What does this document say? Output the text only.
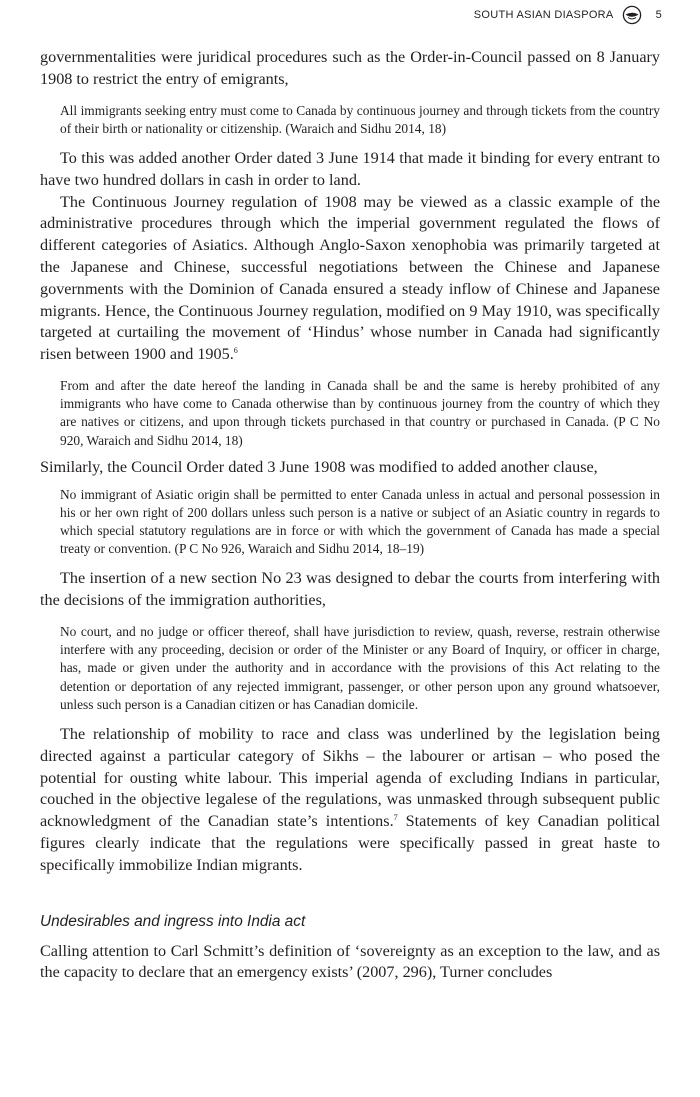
SOUTH ASIAN DIASPORA	5

governmentalities were juridical procedures such as the Order-in-Council passed on 8 January 1908 to restrict the entry of emigrants,

All immigrants seeking entry must come to Canada by continuous journey and through tickets from the country of their birth or nationality or citizenship. (Waraich and Sidhu 2014, 18)

To this was added another Order dated 3 June 1914 that made it binding for every entrant to have two hundred dollars in cash in order to land.

The Continuous Journey regulation of 1908 may be viewed as a classic example of the administrative procedures through which the imperial government regulated the flows of different categories of Asiatics. Although Anglo-Saxon xenophobia was primarily targeted at the Japanese and Chinese, successful negotiations between the Chinese and Japanese governments with the Dominion of Canada ensured a steady inflow of Chinese and Japanese migrants. Hence, the Continuous Journey regulation, modified on 9 May 1910, was specifically targeted at curtailing the movement of ‘Hindus’ whose number in Canada had significantly risen between 1900 and 1905.$^6$

From and after the date hereof the landing in Canada shall be and the same is hereby prohibited of any immigrants who have come to Canada otherwise than by continuous journey from the country of which they are natives or citizens, and upon through tickets purchased in that country or purchased in Canada. (P C No 920, Waraich and Sidhu 2014, 18)

Similarly, the Council Order dated 3 June 1908 was modified to added another clause,

No immigrant of Asiatic origin shall be permitted to enter Canada unless in actual and personal possession in his or her own right of 200 dollars unless such person is a native or subject of an Asiatic country in regards to which special statutory regulations are in force or with which the government of Canada has made a special treaty or convention. (P C No 926, Waraich and Sidhu 2014, 18–19)

The insertion of a new section No 23 was designed to debar the courts from interfering with the decisions of the immigration authorities,

No court, and no judge or officer thereof, shall have jurisdiction to review, quash, reverse, restrain otherwise interfere with any proceeding, decision or order of the Minister or any Board of Inquiry, or officer in charge, has, made or given under the authority and in accordance with the provisions of this Act relating to the detention or deportation of any rejected immigrant, passenger, or other person upon any ground whatsoever, unless such person is a Canadian citizen or has Canadian domicile.

The relationship of mobility to race and class was underlined by the legislation being directed against a particular category of Sikhs – the labourer or artisan – who posed the potential for ousting white labour. This imperial agenda of excluding Indians in particular, couched in the objective legalese of the regulations, was unmasked through subsequent public acknowledgment of the Canadian state’s intentions.$^7$ Statements of key Canadian political figures clearly indicate that the regulations were specifically passed in great haste to specifically immobilize Indian migrants.

Undesirables and ingress into India act

Calling attention to Carl Schmitt’s definition of ‘sovereignty as an exception to the law, and as the capacity to declare that an emergency exists’ (2007, 296), Turner concludes
